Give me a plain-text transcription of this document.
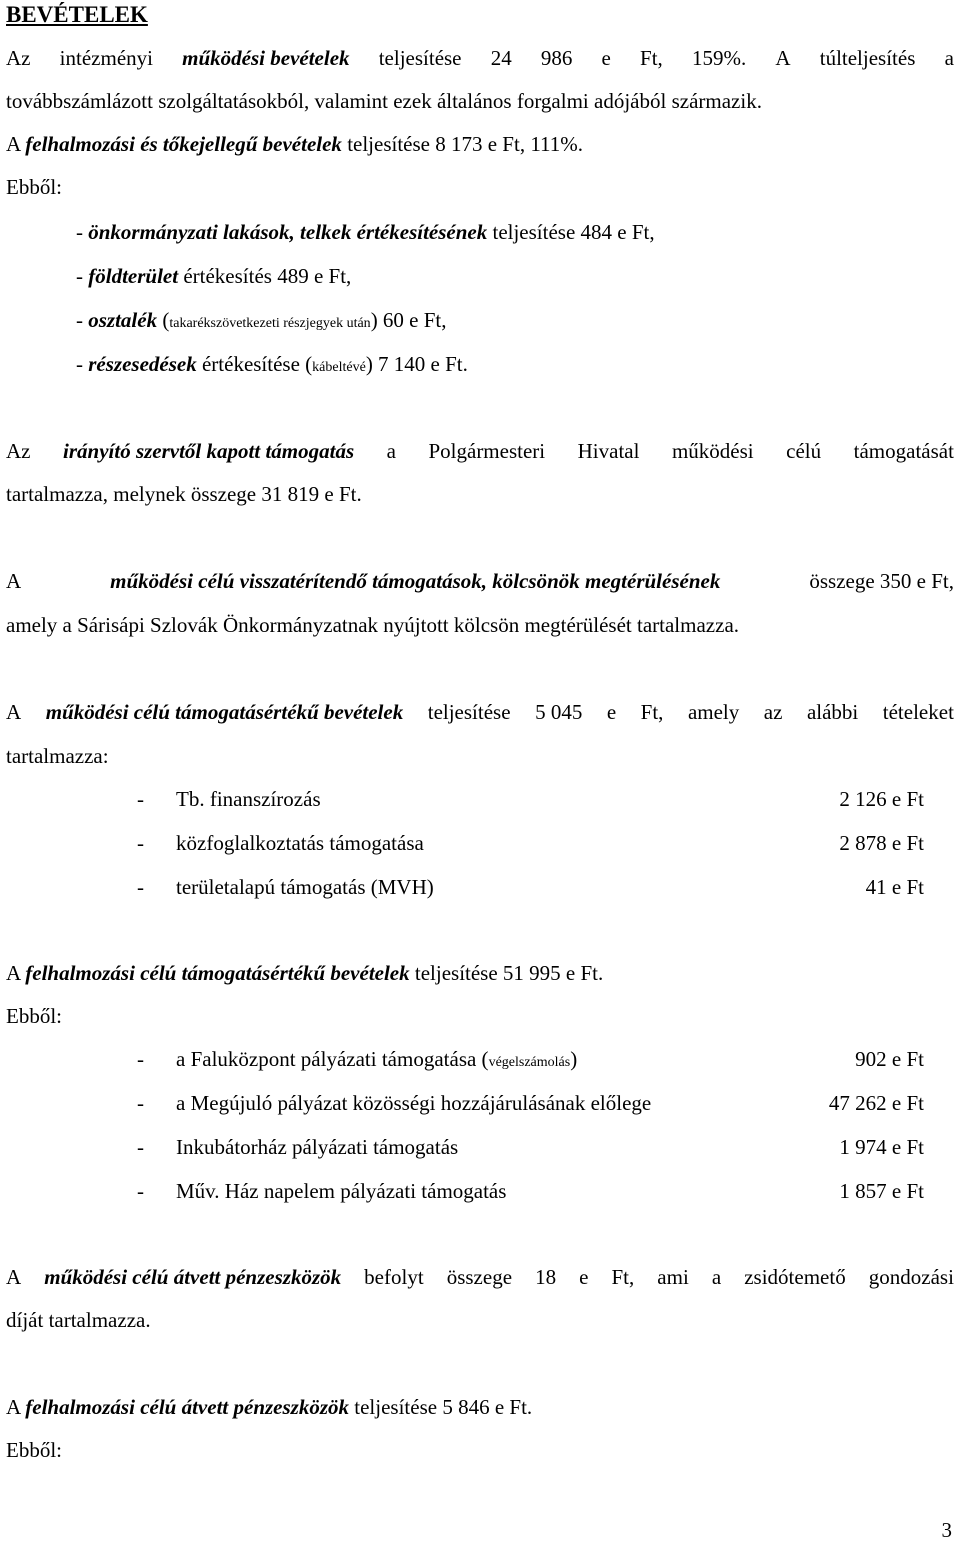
BEVÉTELEK
Az intézményi működési bevételek teljesítése 24 986 e Ft, 159%. A túlteljesítés a
továbbszámlázott szolgáltatásokból, valamint ezek általános forgalmi adójából származik.
A felhalmozási és tőkejellegű bevételek teljesítése 8 173 e Ft, 111%.
Ebből:
- önkormányzati lakások, telkek értékesítésének teljesítése 484 e Ft,
- földterület értékesítés 489 e Ft,
- osztalék (takarékszövetkezeti részjegyek után) 60 e Ft,
- részesedések értékesítése (kábeltévé) 7 140 e Ft.
Az irányító szervtől kapott támogatás a Polgármesteri Hivatal működési célú támogatását
tartalmazza, melynek összege 31 819 e Ft.
A	működési célú visszatérítendő támogatások, kölcsönök megtérülésének	összege 350 e Ft,
amely a Sárisápi Szlovák Önkormányzatnak nyújtott kölcsön megtérülését tartalmazza.
A működési célú támogatásértékű bevételek teljesítése 5 045 e Ft, amely az alábbi tételeket
tartalmazza:
- Tb. finanszírozás	2 126 e Ft
- közfoglalkoztatás támogatása	2 878 e Ft
- területalapú támogatás (MVH)	41 e Ft
A felhalmozási célú támogatásértékű bevételek teljesítése 51 995 e Ft.
Ebből:
- a Faluközpont pályázati támogatása (végelszámolás)	902 e Ft
- a Megújuló pályázat közösségi hozzájárulásának előlege	47 262 e Ft
- Inkubátorház pályázati támogatás	1 974 e Ft
- Műv. Ház napelem pályázati támogatás	1 857 e Ft
A működési célú átvett pénzeszközök befolyt összege 18 e Ft, ami a zsidótemető gondozási
díját tartalmazza.
A felhalmozási célú átvett pénzeszközök teljesítése 5 846 e Ft.
Ebből:
3
